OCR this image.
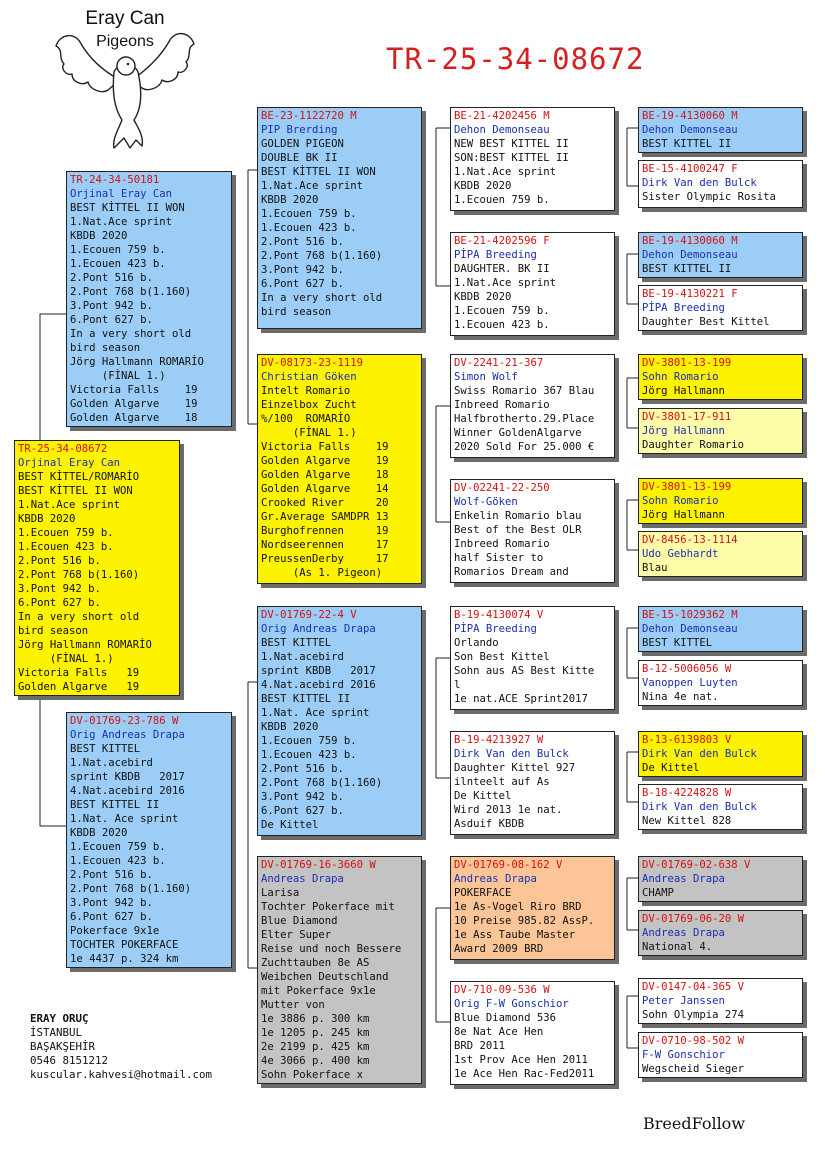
Eray Can
Pigeons
TR-25-34-08672
TR-25-34-08672
Orjinal Eray Can
BEST KİTTEL/ROMARİO
BEST KİTTEL II WON
1.Nat.Ace sprint
KBDB 2020
1.Ecouen 759 b.
1.Ecouen 423 b.
2.Pont 516 b.
2.Pont 768 b(1.160)
3.Pont 942 b.
6.Pont 627 b.
In a very short old
bird season
Jörg Hallmann ROMARİO
(FİNAL 1.)
Victoria Falls   19
Golden Algarve   19
TR-24-34-50181
Orjinal Eray Can
BEST KİTTEL II WON
1.Nat.Ace sprint
KBDB 2020
1.Ecouen 759 b.
1.Ecouen 423 b.
2.Pont 516 b.
2.Pont 768 b(1.160)
3.Pont 942 b.
6.Pont 627 b.
In a very short old
bird season
Jörg Hallmann ROMARİO
(FİNAL 1.)
Victoria Falls    19
Golden Algarve    19
Golden Algarve    18
DV-01769-23-786 W
Orig Andreas Drapa
BEST KITTEL
1.Nat.acebird
sprint KBDB   2017
4.Nat.acebird 2016
BEST KITTEL II
1.Nat. Ace sprint
KBDB 2020
1.Ecouen 759 b.
1.Ecouen 423 b.
2.Pont 516 b.
2.Pont 768 b(1.160)
3.Pont 942 b.
6.Pont 627 b.
Pokerface 9x1e
TOCHTER POKERFACE
1e 4437 p. 324 km
BE-23-1122720 M
PIP Brerding
GOLDEN PIGEON
DOUBLE BK II
BEST KİTTEL II WON
1.Nat.Ace sprint
KBDB 2020
1.Ecouen 759 b.
1.Ecouen 423 b.
2.Pont 516 b.
2.Pont 768 b(1.160)
3.Pont 942 b.
6.Pont 627 b.
In a very short old
bird season
DV-08173-23-1119
Christian Göken
Intelt Romario
Einzelbox Zucht
%/100  ROMARİO
(FİNAL 1.)
Victoria Falls    19
Golden Algarve    19
Golden Algarve    18
Golden Algarve    14
Crooked River     20
Gr.Average SAMDPR 13
Burghofrennen     19
Nordseerennen     17
PreussenDerby     17
(As 1. Pigeon)
DV-01769-22-4 V
Orig Andreas Drapa
BEST KITTEL
1.Nat.acebird
sprint KBDB   2017
4.Nat.acebird 2016
BEST KITTEL II
1.Nat. Ace sprint
KBDB 2020
1.Ecouen 759 b.
1.Ecouen 423 b.
2.Pont 516 b.
2.Pont 768 b(1.160)
3.Pont 942 b.
6.Pont 627 b.
De Kittel
DV-01769-16-3660 W
Andreas Drapa
Larisa
Tochter Pokerface mit
Blue Diamond
Elter Super
Reise und noch Bessere
Zuchttauben 8e AS
Weibchen Deutschland
mit Pokerface 9x1e
Mutter von
1e 3886 p. 300 km
1e 1205 p. 245 km
2e 2199 p. 425 km
4e 3066 p. 400 km
Sohn Pokerface x
BE-21-4202456 M
Dehon Demonseau
NEW BEST KITTEL II
SON:BEST KITTEL II
1.Nat.Ace sprint
KBDB 2020
1.Ecouen 759 b.
BE-21-4202596 F
PİPA Breeding
DAUGHTER. BK II
1.Nat.Ace sprint
KBDB 2020
1.Ecouen 759 b.
1.Ecouen 423 b.
DV-2241-21-367
Simon Wolf
Swiss Romario 367 Blau
Inbreed Romario
Halfbrotherto.29.Place
Winner GoldenAlgarve
2020 Sold For 25.000 €
DV-02241-22-250
Wolf-Göken
Enkelin Romario blau
Best of the Best OLR
Inbreed Romario
half Sister to
Romarios Dream and
B-19-4130074 V
PİPA Breeding
Orlando
Son Best Kittel
Sohn aus AS Best Kitte
l
1e nat.ACE Sprint2017
B-19-4213927 W
Dirk Van den Bulck
Daughter Kittel 927
ilnteelt auf As
De Kittel
Wird 2013 1e nat.
Asduif KBDB
DV-01769-08-162 V
Andreas Drapa
POKERFACE
1e As-Vogel Riro BRD
10 Preise 985.82 AssP.
1e Ass Taube Master
Award 2009 BRD
DV-710-09-536 W
Orig F-W Gonschior
Blue Diamond 536
8e Nat Ace Hen
BRD 2011
1st Prov Ace Hen 2011
1e Ace Hen Rac-Fed2011
BE-19-4130060 M
Dehon Demonseau
BEST KITTEL II
BE-15-4100247 F
Dirk Van den Bulck
Sister Olympic Rosita
BE-19-4130060 M
Dehon Demonseau
BEST KITTEL II
BE-19-4130221 F
PİPA Breeding
Daughter Best Kittel
DV-3801-13-199
Sohn Romario
Jörg Hallmann
DV-3801-17-911
Jörg Hallmann
Daughter Romario
DV-3801-13-199
Sohn Romario
Jörg Hallmann
DV-8456-13-1114
Udo Gebhardt
Blau
BE-15-1029362 M
Dehon Demonseau
BEST KITTEL
B-12-5006056 W
Vanoppen Luyten
Nina 4e nat.
B-13-6139803 V
Dirk Van den Bulck
De Kittel
B-18-4224828 W
Dirk Van den Bulck
New Kittel 828
DV-01769-02-638 V
Andreas Drapa
CHAMP
DV-01769-06-20 W
Andreas Drapa
National 4.
DV-0147-04-365 V
Peter Janssen
Sohn Olympia 274
DV-0710-98-502 W
F-W Gonschior
Wegscheid Sieger
ERAY ORUÇ
İSTANBUL
BAŞAKŞEHİR
0546 8151212
kuscular.kahvesi@hotmail.com
BreedFollow
